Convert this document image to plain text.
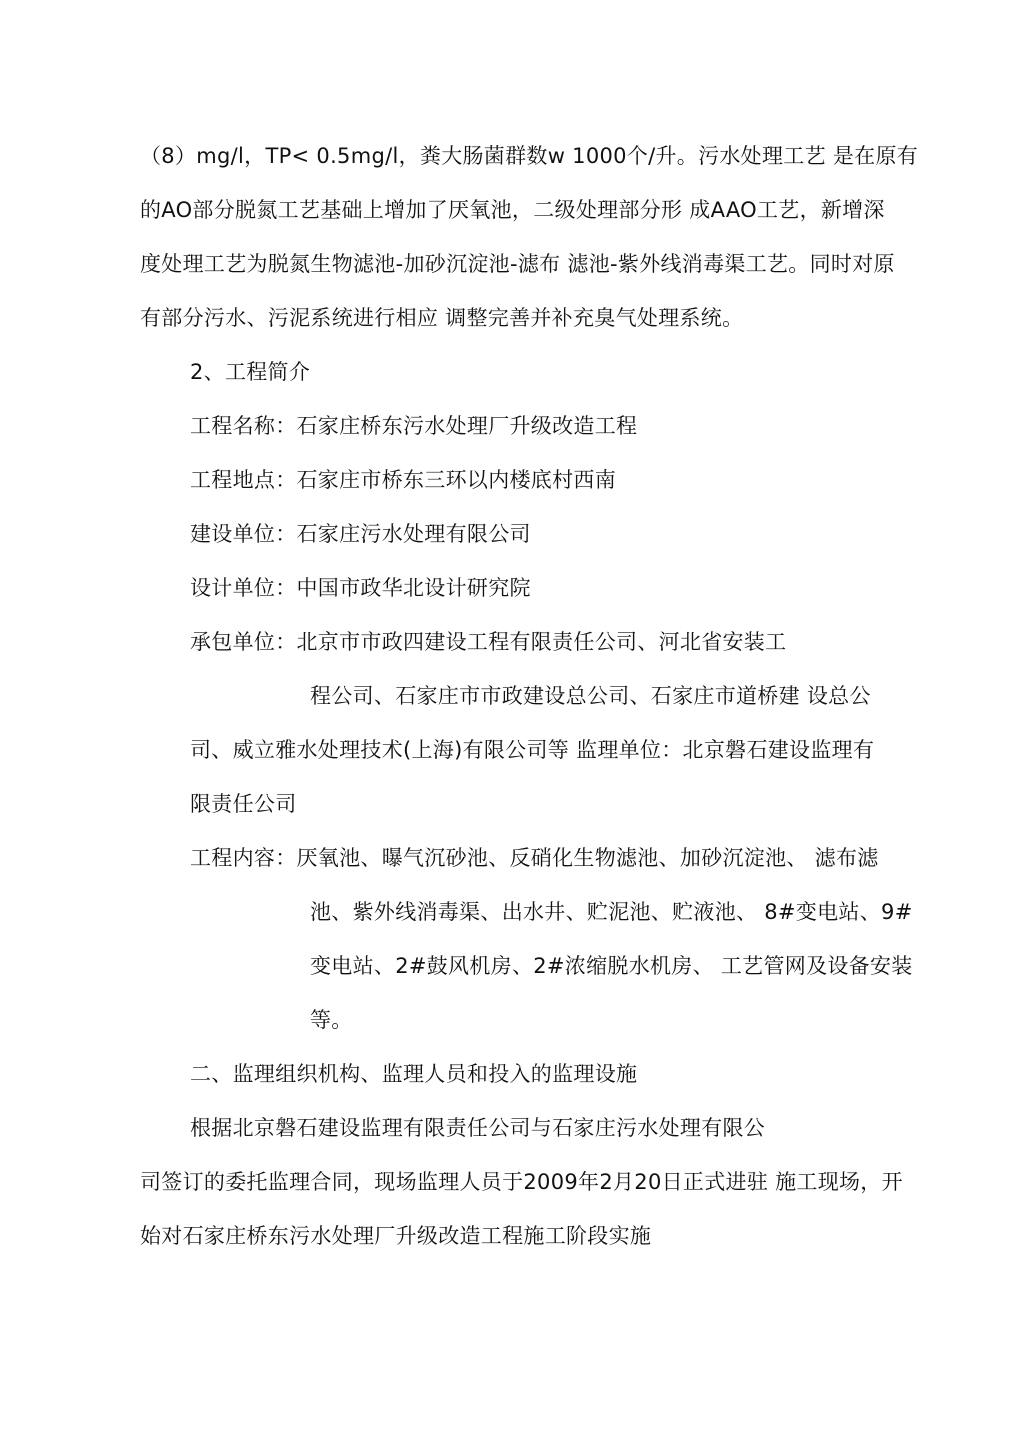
（8）mg/l，TP< 0.5mg/l，粪大肠菌群数w 1000个/升。污水处理工艺 是在原有
的AO部分脱氮工艺基础上增加了厌氧池，二级处理部分形 成AAO工艺，新增深
度处理工艺为脱氮生物滤池-加砂沉淀池-滤布 滤池-紫外线消毒渠工艺。同时对原
有部分污水、污泥系统进行相应 调整完善并补充臭气处理系统。
2、工程简介
工程名称：石家庄桥东污水处理厂升级改造工程
工程地点：石家庄市桥东三环以内楼底村西南
建设单位：石家庄污水处理有限公司
设计单位：中国市政华北设计研究院
承包单位：北京市市政四建设工程有限责任公司、河北省安装工
程公司、石家庄市市政建设总公司、石家庄市道桥建 设总公
司、威立雅水处理技术(上海)有限公司等 监理单位：北京磐石建设监理有
限责任公司
工程内容：厌氧池、曝气沉砂池、反硝化生物滤池、加砂沉淀池、 滤布滤
池、紫外线消毒渠、出水井、贮泥池、贮液池、 8#变电站、9#
变电站、2#鼓风机房、2#浓缩脱水机房、 工艺管网及设备安装
等。
二、监理组织机构、监理人员和投入的监理设施
根据北京磐石建设监理有限责任公司与石家庄污水处理有限公
司签订的委托监理合同，现场监理人员于2009年2月20日正式进驻 施工现场，开
始对石家庄桥东污水处理厂升级改造工程施工阶段实施
